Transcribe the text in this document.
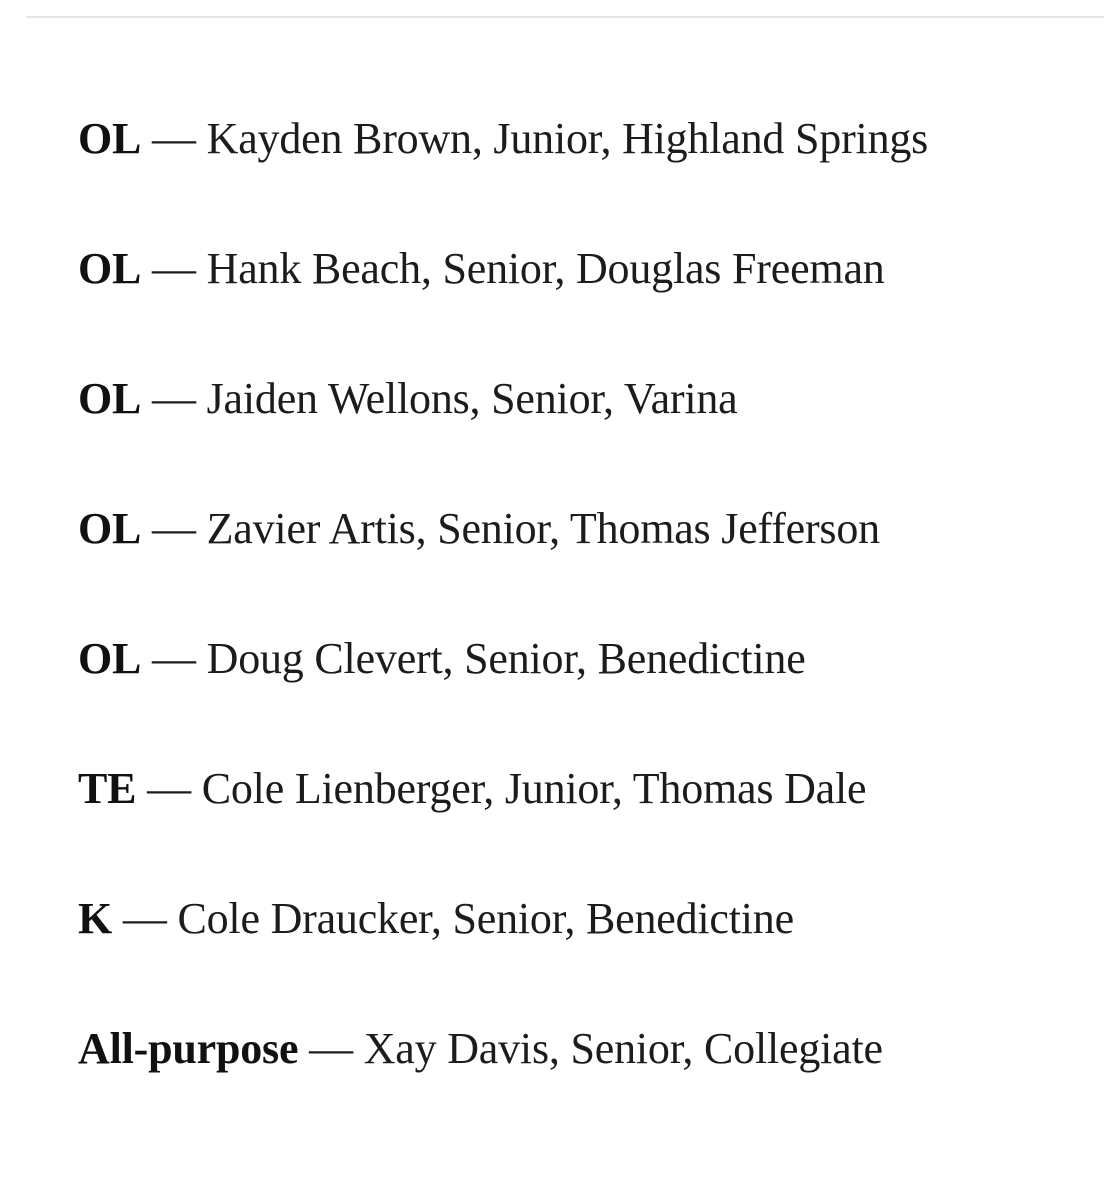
OL — Kayden Brown, Junior, Highland Springs
OL — Hank Beach, Senior, Douglas Freeman
OL — Jaiden Wellons, Senior, Varina
OL — Zavier Artis, Senior, Thomas Jefferson
OL — Doug Clevert, Senior, Benedictine
TE — Cole Lienberger, Junior, Thomas Dale
K — Cole Draucker, Senior, Benedictine
All-purpose — Xay Davis, Senior, Collegiate
